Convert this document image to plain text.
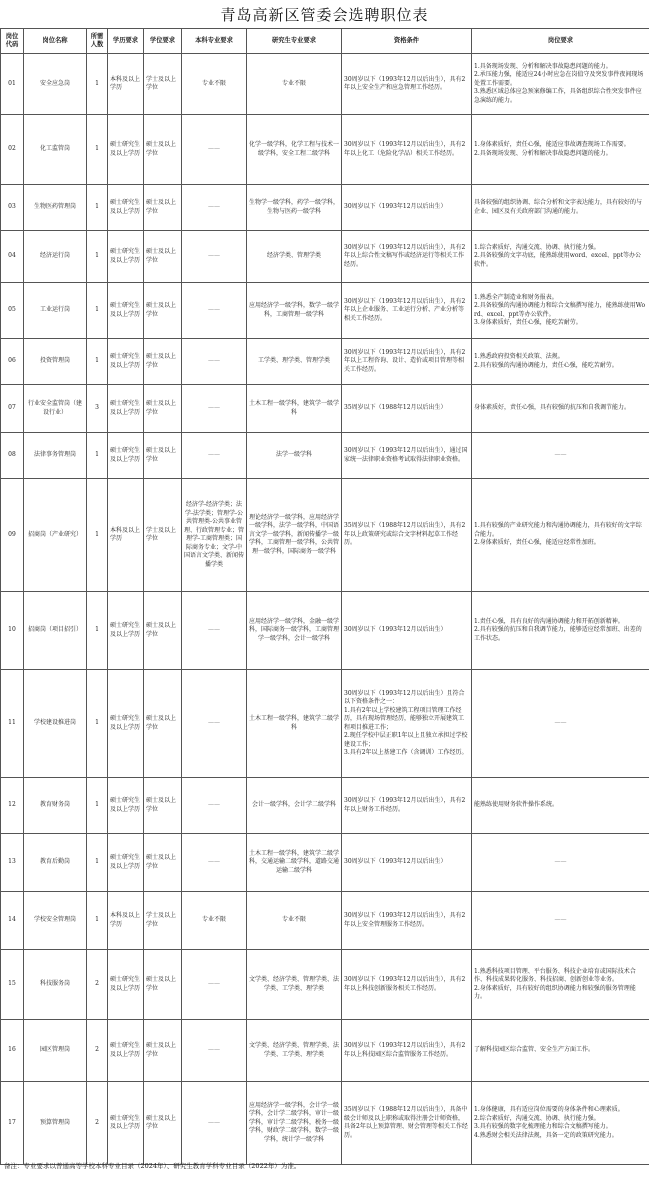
青岛高新区管委会选聘职位表
岗位代码	岗位名称	所需人数	学历要求	学位要求	本科专业要求	研究生专业要求	资格条件	岗位要求
01	安全应急岗	1	本科及以上学历	学士及以上学位	专业不限	专业不限	30周岁以下（1993年12月以后出生），具有2年以上安全生产和应急管理工作经历。	1.具备现场发现、分析和解决事故隐患问题的能力。
2.承压能力强，能适应24小时应急在岗值守及突发事件夜间现场处置工作需要。
3.熟悉区域总体应急预案修编工作，具备组织综合性突发事件应急演练的能力。
02	化工监管岗	1	硕士研究生及以上学历	硕士及以上学位	——	化学一级学科，化学工程与技术一级学科，安全工程二级学科	30周岁以下（1993年12月以后出生），具有2年以上化工（危险化学品）相关工作经历。	1.身体素质好，责任心强，能适应事故调查现场工作需要。
2.具备现场发现、分析和解决事故隐患问题的能力。
03	生物医药管理岗	1	硕士研究生及以上学历	硕士及以上学位	——	生物学一级学科，药学一级学科，生物与医药一级学科	30周岁以下（1993年12月以后出生）	具备较强的组织协调、综合分析和文字表达能力，具有较好的与企业、园区及有关政府部门沟通的能力。
04	经济运行岗	1	硕士研究生及以上学历	硕士及以上学位	——	经济学类、管理学类	30周岁以下（1993年12月以后出生），具有2年以上综合性文稿写作或经济运行等相关工作经历。	1.综合素质好，沟通交流、协调、执行能力强。
2.具备较强的文字功底，能熟练使用word、excel、ppt等办公软件。
05	工业运行岗	1	硕士研究生及以上学历	硕士及以上学位	——	应用经济学一级学科，数学一级学科，工商管理一级学科	30周岁以下（1993年12月以后出生），具有2年以上企业服务、工业运行分析、产业分析等相关工作经历。	1.熟悉全产制造业和财务报表。
2.具备较强的沟通协调能力和综合文稿撰写能力，能熟练使用Word、excel、ppt等办公软件。
3.身体素质好，责任心强，能吃苦耐劳。
06	投资管理岗	1	硕士研究生及以上学历	硕士及以上学位	——	工学类、理学类、管理学类	30周岁以下（1993年12月以后出生），具有2年以上工程咨询、设计、造价或项目管理等相关工作经历。	1.熟悉政府投资相关政策、法规。
2.具有较强的沟通协调能力，责任心强，能吃苦耐劳。
07	行业安全监管岗（建设行业）	3	硕士研究生及以上学历	硕士及以上学位	——	土木工程一级学科，建筑学一级学科	35周岁以下（1988年12月以后出生）	身体素质好，责任心强，具有较强的抗压和自我调节能力。
08	法律事务管理岗	1	硕士研究生及以上学历	硕士及以上学位	——	法学一级学科	30周岁以下（1993年12月以后出生），通过国家统一法律职业资格考试取得法律职业资格。	——
09	招商岗（产业研究）	1	本科及以上学历	学士及以上学位	经济学-经济学类；法学-法学类；管理学-公共管理类-公共事业管理、行政管理专业；管理学-工商管理类；国际商务专业；文学-中国语言文学类、新闻传播学类	理论经济学一级学科，应用经济学一级学科，法学一级学科，中国语言文学一级学科，新闻传播学一级学科，工商管理一级学科，公共管理一级学科，国际商务一级学科	35周岁以下（1988年12月以后出生），具有2年以上政策研究或综合文字材料起草工作经历。	1.具有较强的产业研究能力和沟通协调能力，具有较好的文字综合能力。
2.身体素质好，责任心强，能适应经常性加班。
10	招商岗（项目招引）	1	硕士研究生及以上学历	硕士及以上学位	——	应用经济学一级学科，金融一级学科，国际商务一级学科，工商管理学一级学科，会计一级学科	30周岁以下（1993年12月以后出生）	1.责任心强，具有良好的沟通协调能力和开拓创新精神。
2.具有较强的抗压和自我调节能力，能够适应经常加班、出差的工作状态。
11	学校建设推进岗	1	硕士研究生及以上学历	硕士及以上学位	——	土木工程一级学科，建筑学二级学科	30周岁以下（1993年12月以后出生）且符合以下资格条件之一：
1.具有2年以上学校建筑工程项目管理工作经历，具有现场管理经历，能够独立开展建筑工程项目推进工作；
2.现任学校中层正职1年以上且独立承担过学校建设工作；
3.具有2年以上基建工作（含调训）工作经历。	——
12	教育财务岗	1	硕士研究生及以上学历	硕士及以上学位	——	会计一级学科，会计学二级学科	30周岁以下（1993年12月以后出生），具有2年以上财务工作经历。	能熟练使用财务软件操作系统。
13	教育后勤岗	1	硕士研究生及以上学历	硕士及以上学位	——	土木工程一级学科，建筑学二级学科，交通运输二级学科，道路交通运输二级学科	30周岁以下（1993年12月以后出生）	——
14	学校安全管理岗	1	本科及以上学历	学士及以上学位	专业不限	专业不限	30周岁以下（1993年12月以后出生），具有2年以上安全管理服务工作经历。	——
15	科技服务岗	2	硕士研究生及以上学历	硕士及以上学位	——	文学类、经济学类、管理学类、法学类、工学类、理学类	30周岁以下（1993年12月以后出生），具有2年以上科技创新服务相关工作经历。	1.熟悉科技项目管理、平台服务、科技企业培育或国际技术合作、科技成果转化服务、科技招商、创新创业等业务。
2.身体素质好，具有较好的组织协调能力和较强的服务管理能力。
16	园区管理岗	2	硕士研究生及以上学历	硕士及以上学位	——	文学类、经济学类、管理学类、法学类、工学类、理学类	30周岁以下（1993年12月以后出生），具有2年以上科技园区综合监管服务工作经历。	了解科技园区综合监管、安全生产方面工作。
17	预算管理岗	2	硕士研究生及以上学历	硕士及以上学位	——	应用经济学一级学科，会计学一级学科，会计学二级学科，审计一级学科，审计学二级学科，税务一级学科，财政学二级学科，数学一级学科，统计学一级学科	35周岁以下（1988年12月以后出生），具备中级会计师及以上职称或取得注册会计师资格，具备2年以上预算管理、财会管理等相关工作经历。	1.身体健康，具有适应岗位需要的身体条件和心理素质。
2.综合素质好，沟通交流、协调、执行能力强。
3.具有较强的数字化梳理能力和综合文稿撰写能力。
4.熟悉财会相关法律法规，具备一定的政策研究能力。
备注：专业要求以普通高等学校本科专业目录（2024年）、研究生教育学科专业目录（2022年）为准。
